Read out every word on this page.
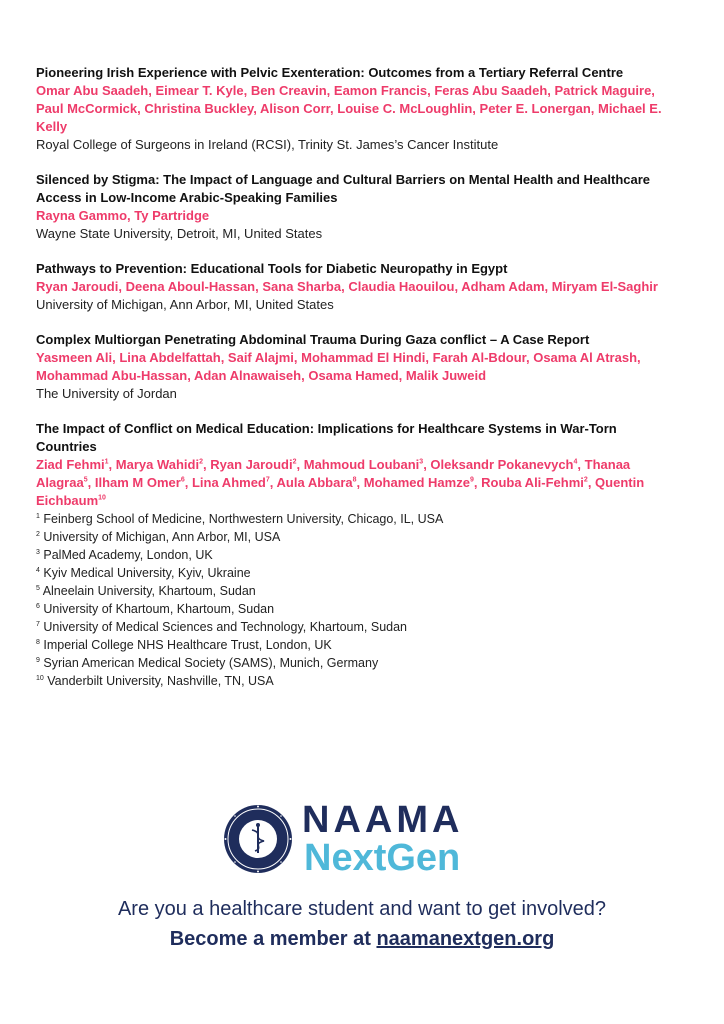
Pioneering Irish Experience with Pelvic Exenteration: Outcomes from a Tertiary Referral Centre
Omar Abu Saadeh, Eimear T. Kyle, Ben Creavin, Eamon Francis, Feras Abu Saadeh, Patrick Maguire, Paul McCormick, Christina Buckley, Alison Corr, Louise C. McLoughlin, Peter E. Lonergan, Michael E. Kelly
Royal College of Surgeons in Ireland (RCSI), Trinity St. James’s Cancer Institute
Silenced by Stigma: The Impact of Language and Cultural Barriers on Mental Health and Healthcare Access in Low-Income Arabic-Speaking Families
Rayna Gammo, Ty Partridge
Wayne State University, Detroit, MI, United States
Pathways to Prevention: Educational Tools for Diabetic Neuropathy in Egypt
Ryan Jaroudi, Deena Aboul-Hassan, Sana Sharba, Claudia Haouilou, Adham Adam, Miryam El-Saghir
University of Michigan, Ann Arbor, MI, United States
Complex Multiorgan Penetrating Abdominal Trauma During Gaza conflict – A Case Report
Yasmeen Ali, Lina Abdelfattah, Saif Alajmi, Mohammad El Hindi, Farah Al-Bdour, Osama Al Atrash, Mohammad Abu-Hassan, Adan Alnawaiseh, Osama Hamed, Malik Juweid
The University of Jordan
The Impact of Conflict on Medical Education: Implications for Healthcare Systems in War-Torn Countries
Ziad Fehmi$^1$, Marya Wahidi$^2$, Ryan Jaroudi$^2$, Mahmoud Loubani$^3$, Oleksandr Pokanevych$^4$, Thanaa Alagraa$^5$, Ilham M Omer$^6$, Lina Ahmed$^7$, Aula Abbara$^8$, Mohamed Hamze$^9$, Rouba Ali-Fehmi$^2$, Quentin Eichbaum$^{10}$
$^1$ Feinberg School of Medicine, Northwestern University, Chicago, IL, USA
$^2$ University of Michigan, Ann Arbor, MI, USA
$^3$ PalMed Academy, London, UK
$^4$ Kyiv Medical University, Kyiv, Ukraine
$^5$ Alneelain University, Khartoum, Sudan
$^6$ University of Khartoum, Khartoum, Sudan
$^7$ University of Medical Sciences and Technology, Khartoum, Sudan
$^8$ Imperial College NHS Healthcare Trust, London, UK
$^9$ Syrian American Medical Society (SAMS), Munich, Germany
$^{10}$ Vanderbilt University, Nashville, TN, USA
NAAMA
NextGen
Are you a healthcare student and want to get involved?
Become a member at naamanextgen.org
